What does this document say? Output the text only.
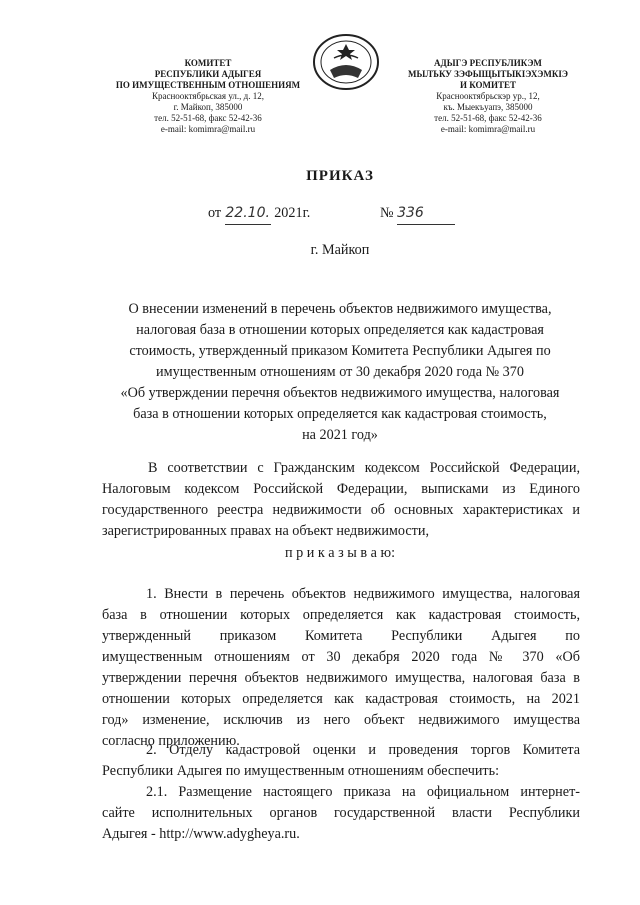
КОМИТЕТ
РЕСПУБЛИКИ АДЫГЕЯ
ПО ИМУЩЕСТВЕННЫМ ОТНОШЕНИЯМ
Краснооктябрьская ул., д. 12,
г. Майкоп, 385000
тел. 52-51-68, факс 52-42-36
e-mail: komimra@mail.ru
АДЫГЭ РЕСПУБЛИКЭМ
МЫЛЪКУ ЗЭФЫЩЫТЫКІЭХЭМКІЭ
И КОМИТЕТ
Краснооктябрьскэр ур., 12,
къ. Мыекъуапэ, 385000
тел. 52-51-68, факс 52-42-36
e-mail: komimra@mail.ru
ПРИКАЗ
от 22.10. 2021г.	№ 336
г. Майкоп
О внесении изменений в перечень объектов недвижимого имущества,
налоговая база в отношении которых определяется как кадастровая
стоимость, утвержденный приказом Комитета Республики Адыгея по
имущественным отношениям от 30 декабря 2020 года № 370
«Об утверждении перечня объектов недвижимого имущества, налоговая
база в отношении которых определяется как кадастровая стоимость,
на 2021 год»
В соответствии с Гражданским кодексом Российской Федерации,
Налоговым кодексом Российской Федерации, выписками из Единого
государственного реестра недвижимости об основных характеристиках и
зарегистрированных правах на объект недвижимости,
п р и к а з ы в а ю:
1. Внести в перечень объектов недвижимого имущества, налоговая
база в отношении которых определяется как кадастровая стоимость,
утвержденный приказом Комитета Республики Адыгея по
имущественным отношениям от 30 декабря 2020 года № 370 «Об
утверждении перечня объектов недвижимого имущества, налоговая база в
отношении которых определяется как кадастровая стоимость, на 2021
год» изменение, исключив из него объект недвижимого имущества
согласно приложению.
2. Отделу кадастровой оценки и проведения торгов Комитета
Республики Адыгея по имущественным отношениям обеспечить:
2.1. Размещение настоящего приказа на официальном интернет-
сайте исполнительных органов государственной власти Республики
Адыгея - http://www.adygheya.ru.
